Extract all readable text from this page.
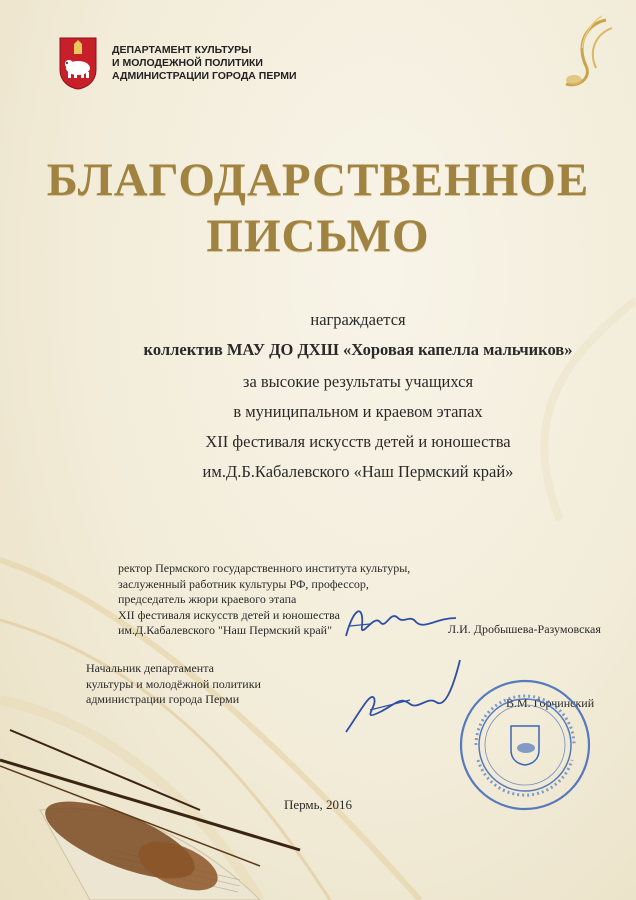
ДЕПАРТАМЕНТ КУЛЬТУРЫ
И МОЛОДЕЖНОЙ ПОЛИТИКИ
АДМИНИСТРАЦИИ ГОРОДА ПЕРМИ
БЛАГОДАРСТВЕННОЕ
ПИСЬМО
награждается
коллектив МАУ ДО ДХШ «Хоровая капелла мальчиков»
за высокие результаты учащихся
в муниципальном и краевом этапах
XII фестиваля искусств детей и юношества
им.Д.Б.Кабалевского «Наш Пермский край»
ректор Пермского государственного института культуры,
заслуженный работник культуры РФ, профессор,
председатель жюри краевого этапа
XII фестиваля искусств детей и юношества
им.Д.Кабалевского "Наш Пермский край"	Л.И. Дробышева-Разумовская
Начальник департамента
культуры и молодёжной политики
администрации города Перми	В.М. Горчинский
Пермь, 2016
